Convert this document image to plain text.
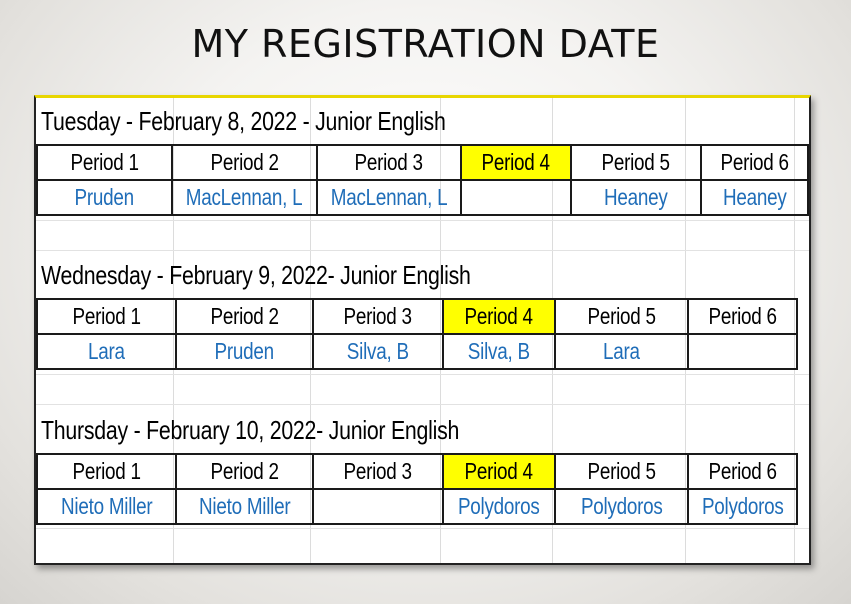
MY REGISTRATION DATE
Tuesday - February 8, 2022 - Junior English
Period 1	Period 2	Period 3	Period 4	Period 5	Period 6
Pruden	MacLennan, L	MacLennan, L		Heaney	Heaney
Wednesday - February 9, 2022- Junior English
Period 1	Period 2	Period 3	Period 4	Period 5	Period 6
Lara	Pruden	Silva, B	Silva, B	Lara	
Thursday - February 10, 2022- Junior English
Period 1	Period 2	Period 3	Period 4	Period 5	Period 6
Nieto Miller	Nieto Miller		Polydoros	Polydoros	Polydoros
